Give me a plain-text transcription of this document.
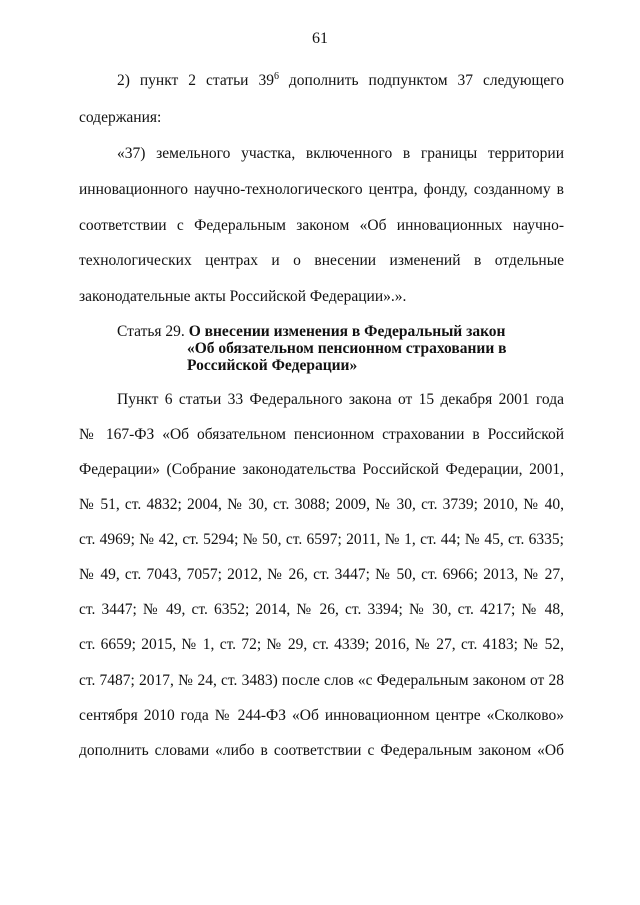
61
2) пункт 2 статьи $39^6$ дополнить подпунктом 37 следующего
содержания:
«37) земельного участка, включенного в границы территории
инновационного научно-технологического центра, фонду, созданному в
соответствии с Федеральным законом «Об инновационных научно-
технологических центрах и о внесении изменений в отдельные
законодательные акты Российской Федерации».».
Статья 29. О внесении изменения в Федеральный закон
«Об обязательном пенсионном страховании в
Российской Федерации»
Пункт 6 статьи 33 Федерального закона от 15 декабря 2001 года
№ 167-ФЗ «Об обязательном пенсионном страховании в Российской
Федерации» (Собрание законодательства Российской Федерации, 2001,
№ 51, ст. 4832; 2004, № 30, ст. 3088; 2009, № 30, ст. 3739; 2010, № 40,
ст. 4969; № 42, ст. 5294; № 50, ст. 6597; 2011, № 1, ст. 44; № 45, ст. 6335;
№ 49, ст. 7043, 7057; 2012, № 26, ст. 3447; № 50, ст. 6966; 2013, № 27,
ст. 3447; № 49, ст. 6352; 2014, № 26, ст. 3394; № 30, ст. 4217; № 48,
ст. 6659; 2015, № 1, ст. 72; № 29, ст. 4339; 2016, № 27, ст. 4183; № 52,
ст. 7487; 2017, № 24, ст. 3483) после слов «с Федеральным законом от 28
сентября 2010 года № 244-ФЗ «Об инновационном центре «Сколково»
дополнить словами «либо в соответствии с Федеральным законом «Об
